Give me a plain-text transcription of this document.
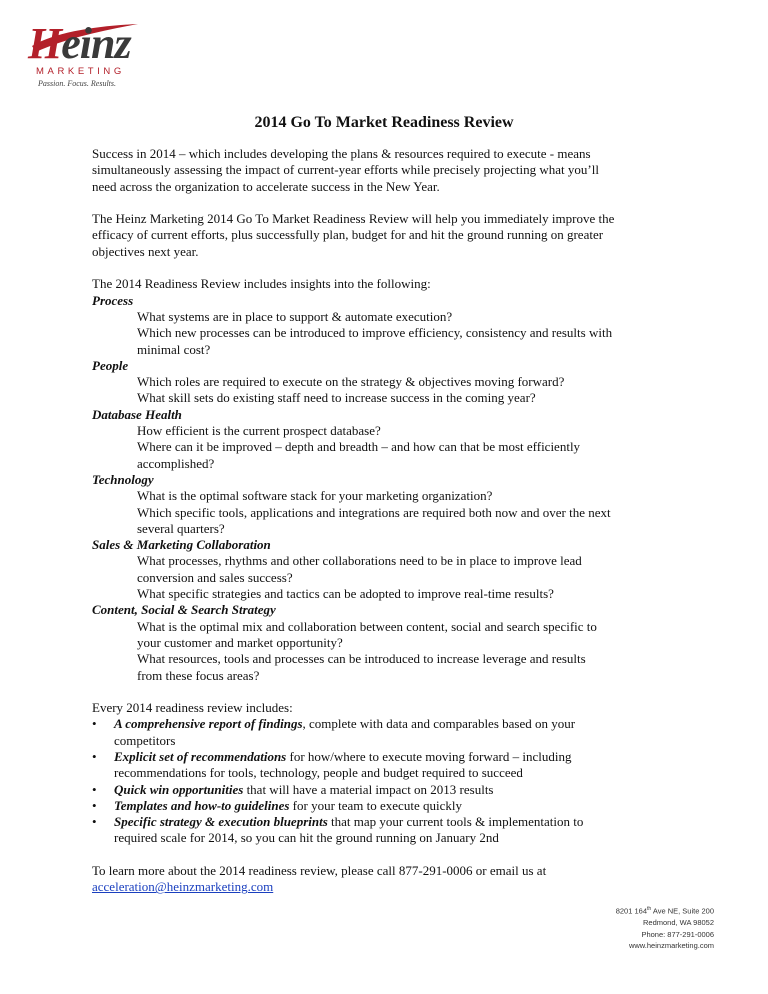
Heinz
MARKETING
Passion. Focus. Results.
2014 Go To Market Readiness Review

Success in 2014 – which includes developing the plans & resources required to execute - means

simultaneously assessing the impact of current-year efforts while precisely projecting what you’ll

need across the organization to accelerate success in the New Year.

The Heinz Marketing 2014 Go To Market Readiness Review will help you immediately improve the

efficacy of current efforts, plus successfully plan, budget for and hit the ground running on greater

objectives next year.

The 2014 Readiness Review includes insights into the following:

Process

What systems are in place to support & automate execution?

Which new processes can be introduced to improve efficiency, consistency and results with

minimal cost?

People

Which roles are required to execute on the strategy & objectives moving forward?

What skill sets do existing staff need to increase success in the coming year?

Database Health

How efficient is the current prospect database?

Where can it be improved – depth and breadth – and how can that be most efficiently

accomplished?

Technology

What is the optimal software stack for your marketing organization?

Which specific tools, applications and integrations are required both now and over the next

several quarters?

Sales & Marketing Collaboration

What processes, rhythms and other collaborations need to be in place to improve lead

conversion and sales success?

What specific strategies and tactics can be adopted to improve real-time results?

Content, Social & Search Strategy

What is the optimal mix and collaboration between content, social and search specific to

your customer and market opportunity?

What resources, tools and processes can be introduced to increase leverage and results

from these focus areas?

Every 2014 readiness review includes:

•	A comprehensive report of findings, complete with data and comparables based on your
competitors
•	Explicit set of recommendations for how/where to execute moving forward – including
recommendations for tools, technology, people and budget required to succeed
•	Quick win opportunities that will have a material impact on 2013 results
•	Templates and how-to guidelines for your team to execute quickly
•	Specific strategy & execution blueprints that map your current tools & implementation to
required scale for 2014, so you can hit the ground running on January 2nd

To learn more about the 2014 readiness review, please call 877-291-0006 or email us at

acceleration@heinzmarketing.com

8201 164th Ave NE, Suite 200
Redmond, WA 98052
Phone: 877-291-0006
www.heinzmarketing.com
